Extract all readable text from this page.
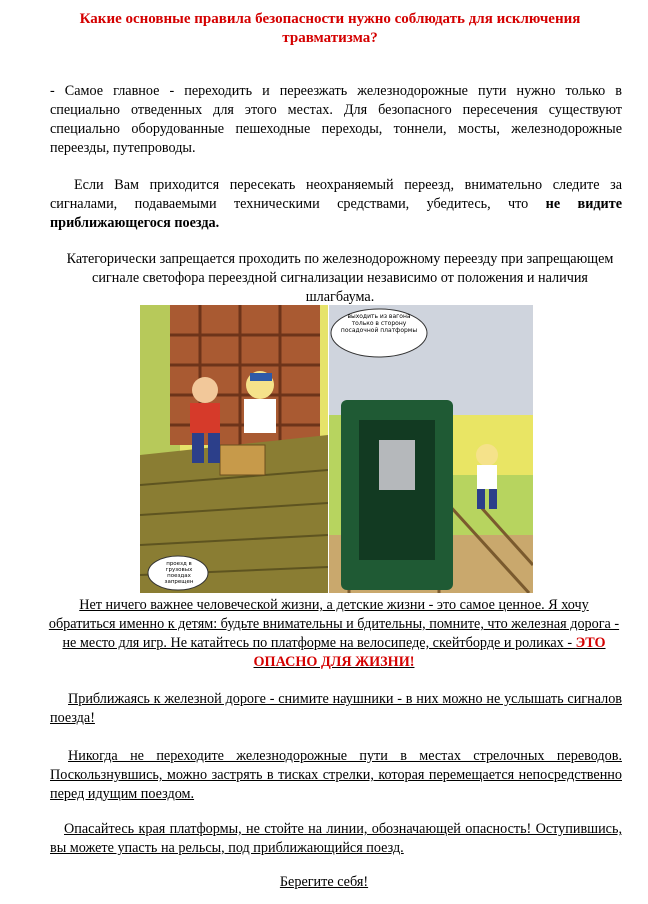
Какие основные правила безопасности нужно соблюдать для исключения травматизма?
- Самое главное - переходить и переезжать железнодорожные пути нужно только в специально отведенных для этого местах. Для безопасного пересечения существуют специально оборудованные пешеходные переходы, тоннели, мосты, железнодорожные переезды, путепроводы.
Если Вам приходится пересекать неохраняемый переезд, внимательно следите за сигналами, подаваемыми техническими средствами, убедитесь, что не видите приближающегося поезда.
Категорически запрещается проходить по железнодорожному переезду при запрещающем сигнале светофора переездной сигнализации независимо от положения и наличия шлагбаума.
проезд в грузовых поездах запрещен
выходить из вагона только в сторону посадочной платформы
Нет ничего важнее человеческой жизни, а детские жизни - это самое ценное. Я хочу обратиться именно к детям: будьте внимательны и бдительны, помните, что железная дорога - не место для игр. Не катайтесь по платформе на велосипеде, скейтборде и роликах - ЭТО ОПАСНО ДЛЯ ЖИЗНИ!
Приближаясь к железной дороге - снимите наушники - в них можно не услышать сигналов поезда!
Никогда не переходите железнодорожные пути в местах стрелочных переводов. Поскользнувшись, можно застрять в тисках стрелки, которая перемещается непосредственно перед идущим поездом.
Опасайтесь края платформы, не стойте на линии, обозначающей опасность! Оступившись, вы можете упасть на рельсы, под приближающийся поезд.
Берегите себя!
